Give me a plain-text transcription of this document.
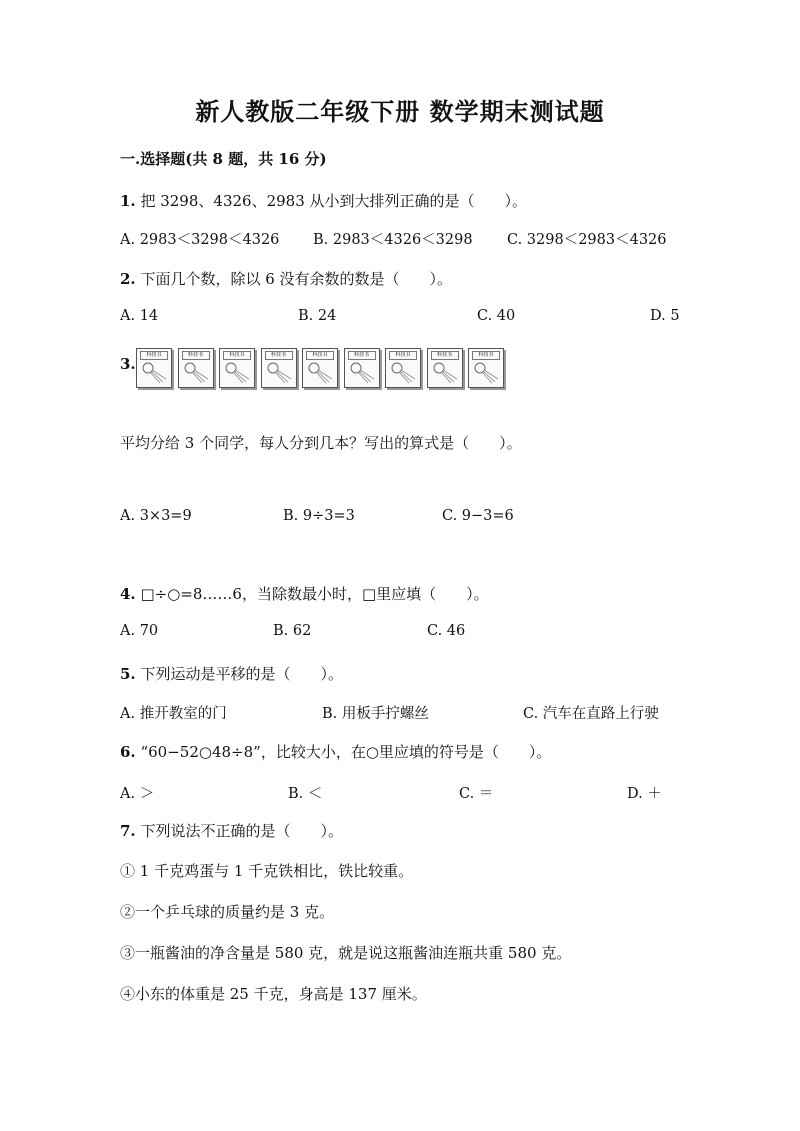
新人教版二年级下册 数学期末测试题
一.选择题(共 8 题，共 16 分)
1. 把 3298、4326、2983 从小到大排列正确的是（　　）。
A. 2983＜3298＜4326 B. 2983＜4326＜3298 C. 3298＜2983＜4326
2. 下面几个数，除以 6 没有余数的数是（　　）。
A. 14	B. 24	C. 40	D. 5
3.	科技书	科技书	科技书	科技书	科技书	科技书	科技书	科技书	科技书
平均分给 3 个同学，每人分到几本？写出的算式是（　　）。
A. 3×3=9	B. 9÷3=3	C. 9−3=6
4. □÷○=8……6，当除数最小时，□里应填（　　）。
A. 70	B. 62	C. 46
5. 下列运动是平移的是（　　）。
A. 推开教室的门	B. 用板手拧螺丝	C. 汽车在直路上行驶
6. “60−52○48÷8”，比较大小，在○里应填的符号是（　　）。
A. ＞	B. ＜	C. ＝	D. ＋
7. 下列说法不正确的是（　　）。
① 1 千克鸡蛋与 1 千克铁相比，铁比较重。
②一个乒乓球的质量约是 3 克。
③一瓶酱油的净含量是 580 克，就是说这瓶酱油连瓶共重 580 克。
④小东的体重是 25 千克，身高是 137 厘米。
